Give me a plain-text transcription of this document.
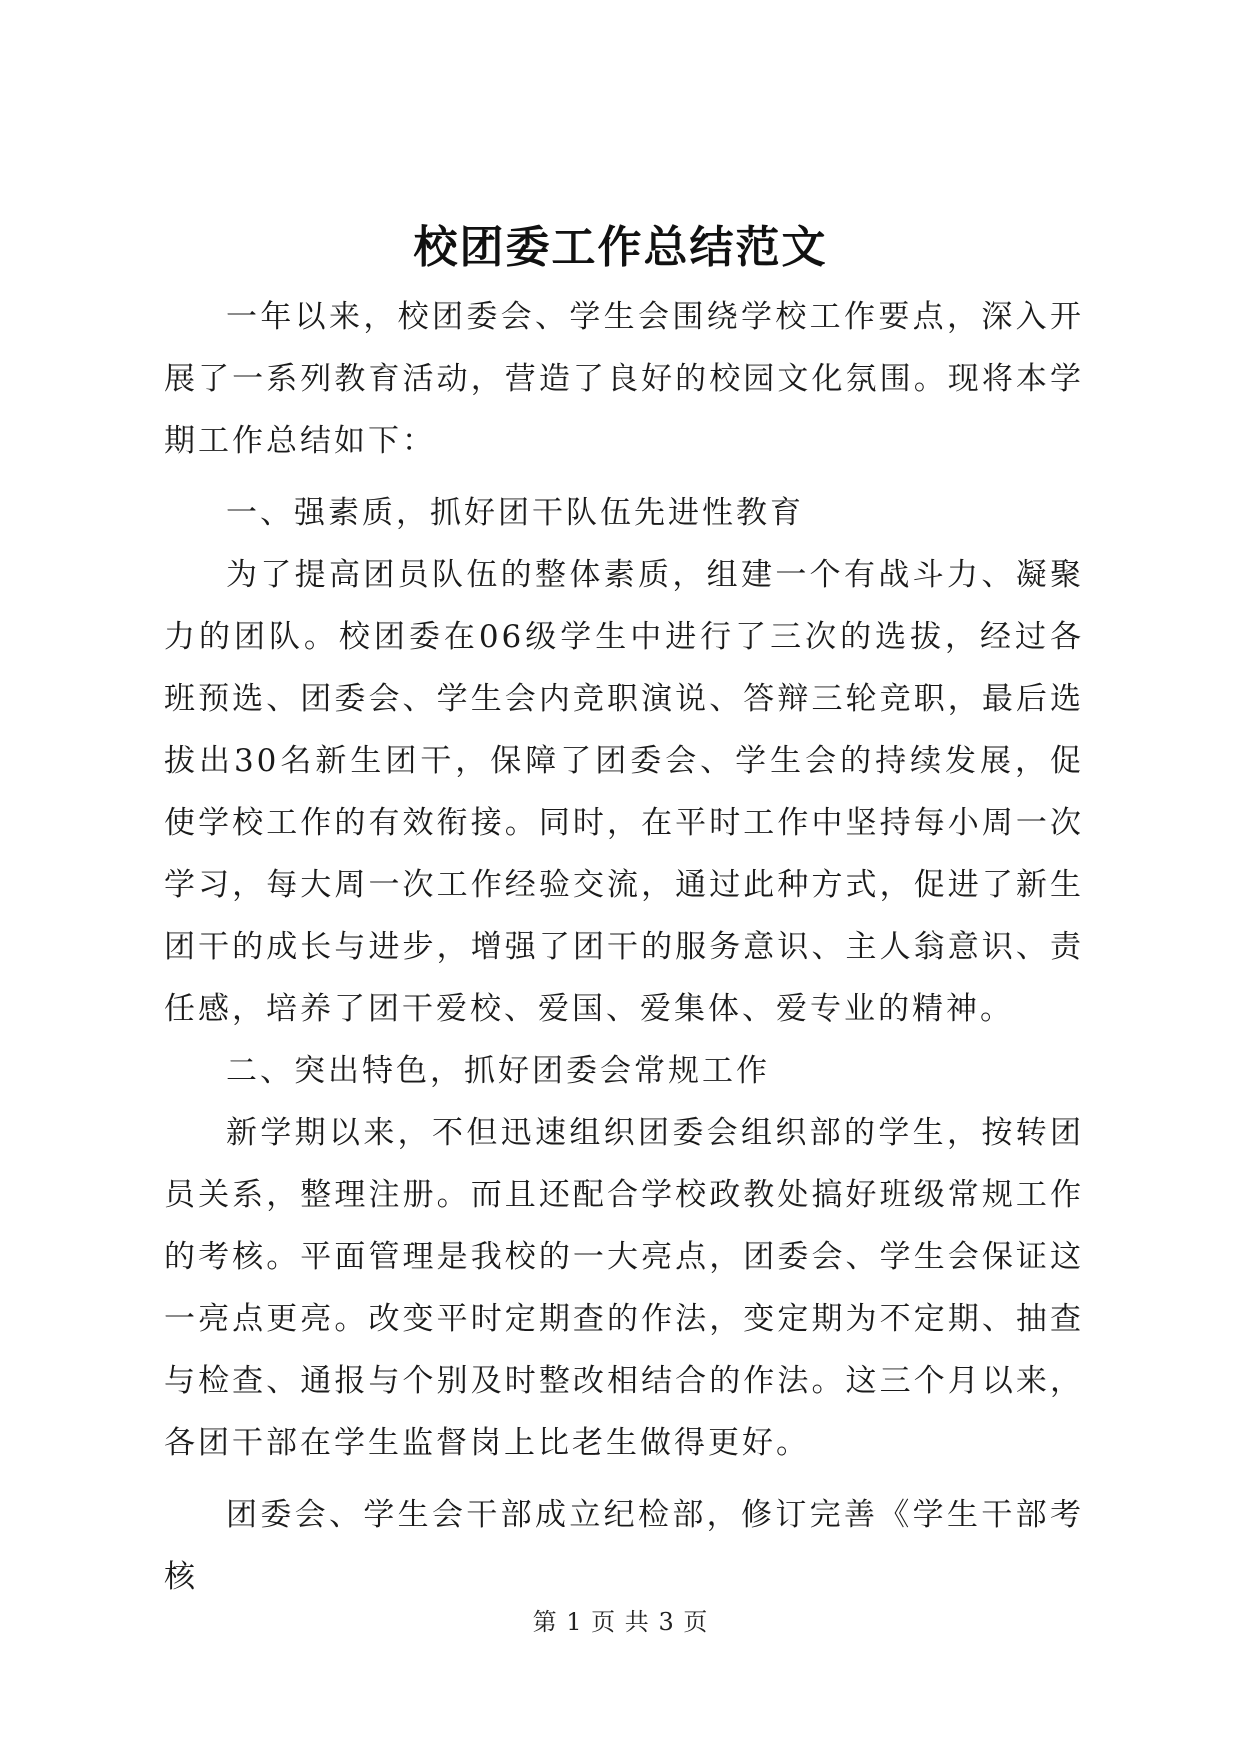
校团委工作总结范文

一年以来，校团委会、学生会围绕学校工作要点，深入开展了一系列教育活动，营造了良好的校园文化氛围。现将本学期工作总结如下：

一、强素质，抓好团干队伍先进性教育

为了提高团员队伍的整体素质，组建一个有战斗力、凝聚力的团队。校团委在06级学生中进行了三次的选拔，经过各班预选、团委会、学生会内竞职演说、答辩三轮竞职，最后选拔出30名新生团干，保障了团委会、学生会的持续发展，促使学校工作的有效衔接。同时，在平时工作中坚持每小周一次学习，每大周一次工作经验交流，通过此种方式，促进了新生团干的成长与进步，增强了团干的服务意识、主人翁意识、责任感，培养了团干爱校、爱国、爱集体、爱专业的精神。

二、突出特色，抓好团委会常规工作

新学期以来，不但迅速组织团委会组织部的学生，按转团员关系，整理注册。而且还配合学校政教处搞好班级常规工作的考核。平面管理是我校的一大亮点，团委会、学生会保证这一亮点更亮。改变平时定期查的作法，变定期为不定期、抽查与检查、通报与个别及时整改相结合的作法。这三个月以来，各团干部在学生监督岗上比老生做得更好。

团委会、学生会干部成立纪检部，修订完善《学生干部考核

第 1 页 共 3 页
